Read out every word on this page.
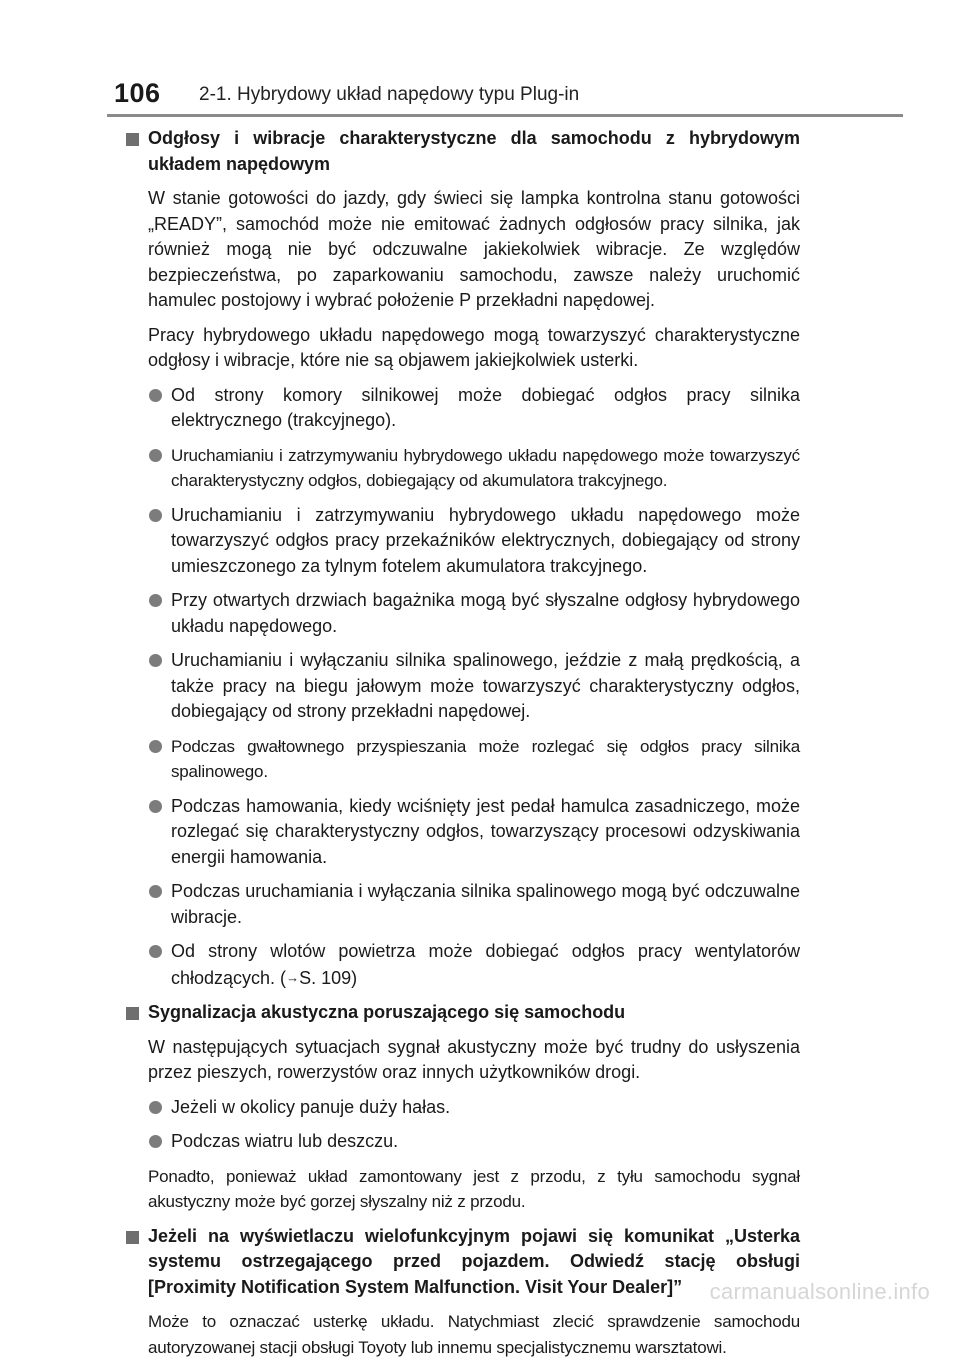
106 2-1. Hybrydowy układ napędowy typu Plug-in
Odgłosy i wibracje charakterystyczne dla samochodu z hybrydowym układem napędowym

W stanie gotowości do jazdy, gdy świeci się lampka kontrolna stanu gotowości „READY”, samochód może nie emitować żadnych odgłosów pracy silnika, jak również mogą nie być odczuwalne jakiekolwiek wibracje. Ze względów bezpieczeństwa, po zaparkowaniu samochodu, zawsze należy uruchomić hamulec postojowy i wybrać położenie P przekładni napędowej.

Pracy hybrydowego układu napędowego mogą towarzyszyć charakterystyczne odgłosy i wibracje, które nie są objawem jakiejkolwiek usterki.

Od strony komory silnikowej może dobiegać odgłos pracy silnika elektrycznego (trakcyjnego).
Uruchamianiu i zatrzymywaniu hybrydowego układu napędowego może towarzyszyć charakterystyczny odgłos, dobiegający od akumulatora trakcyjnego.
Uruchamianiu i zatrzymywaniu hybrydowego układu napędowego może towarzyszyć odgłos pracy przekaźników elektrycznych, dobiegający od strony umieszczonego za tylnym fotelem akumulatora trakcyjnego.
Przy otwartych drzwiach bagażnika mogą być słyszalne odgłosy hybrydowego układu napędowego.
Uruchamianiu i wyłączaniu silnika spalinowego, jeździe z małą prędkością, a także pracy na biegu jałowym może towarzyszyć charakterystyczny odgłos, dobiegający od strony przekładni napędowej.
Podczas gwałtownego przyspieszania może rozlegać się odgłos pracy silnika spalinowego.
Podczas hamowania, kiedy wciśnięty jest pedał hamulca zasadniczego, może rozlegać się charakterystyczny odgłos, towarzyszący procesowi odzyskiwania energii hamowania.
Podczas uruchamiania i wyłączania silnika spalinowego mogą być odczuwalne wibracje.
Od strony wlotów powietrza może dobiegać odgłos pracy wentylatorów chłodzących. (→S. 109)
Sygnalizacja akustyczna poruszającego się samochodu

W następujących sytuacjach sygnał akustyczny może być trudny do usłyszenia przez pieszych, rowerzystów oraz innych użytkowników drogi.

Jeżeli w okolicy panuje duży hałas.
Podczas wiatru lub deszczu.

Ponadto, ponieważ układ zamontowany jest z przodu, z tyłu samochodu sygnał akustyczny może być gorzej słyszalny niż z przodu.

Jeżeli na wyświetlaczu wielofunkcyjnym pojawi się komunikat „Usterka systemu ostrzegającego przed pojazdem. Odwiedź stację obsługi [Proximity Notification System Malfunction. Visit Your Dealer]”

Może to oznaczać usterkę układu. Natychmiast zlecić sprawdzenie samochodu autoryzowanej stacji obsługi Toyoty lub innemu specjalistycznemu warsztatowi.

carmanualsonline.info
